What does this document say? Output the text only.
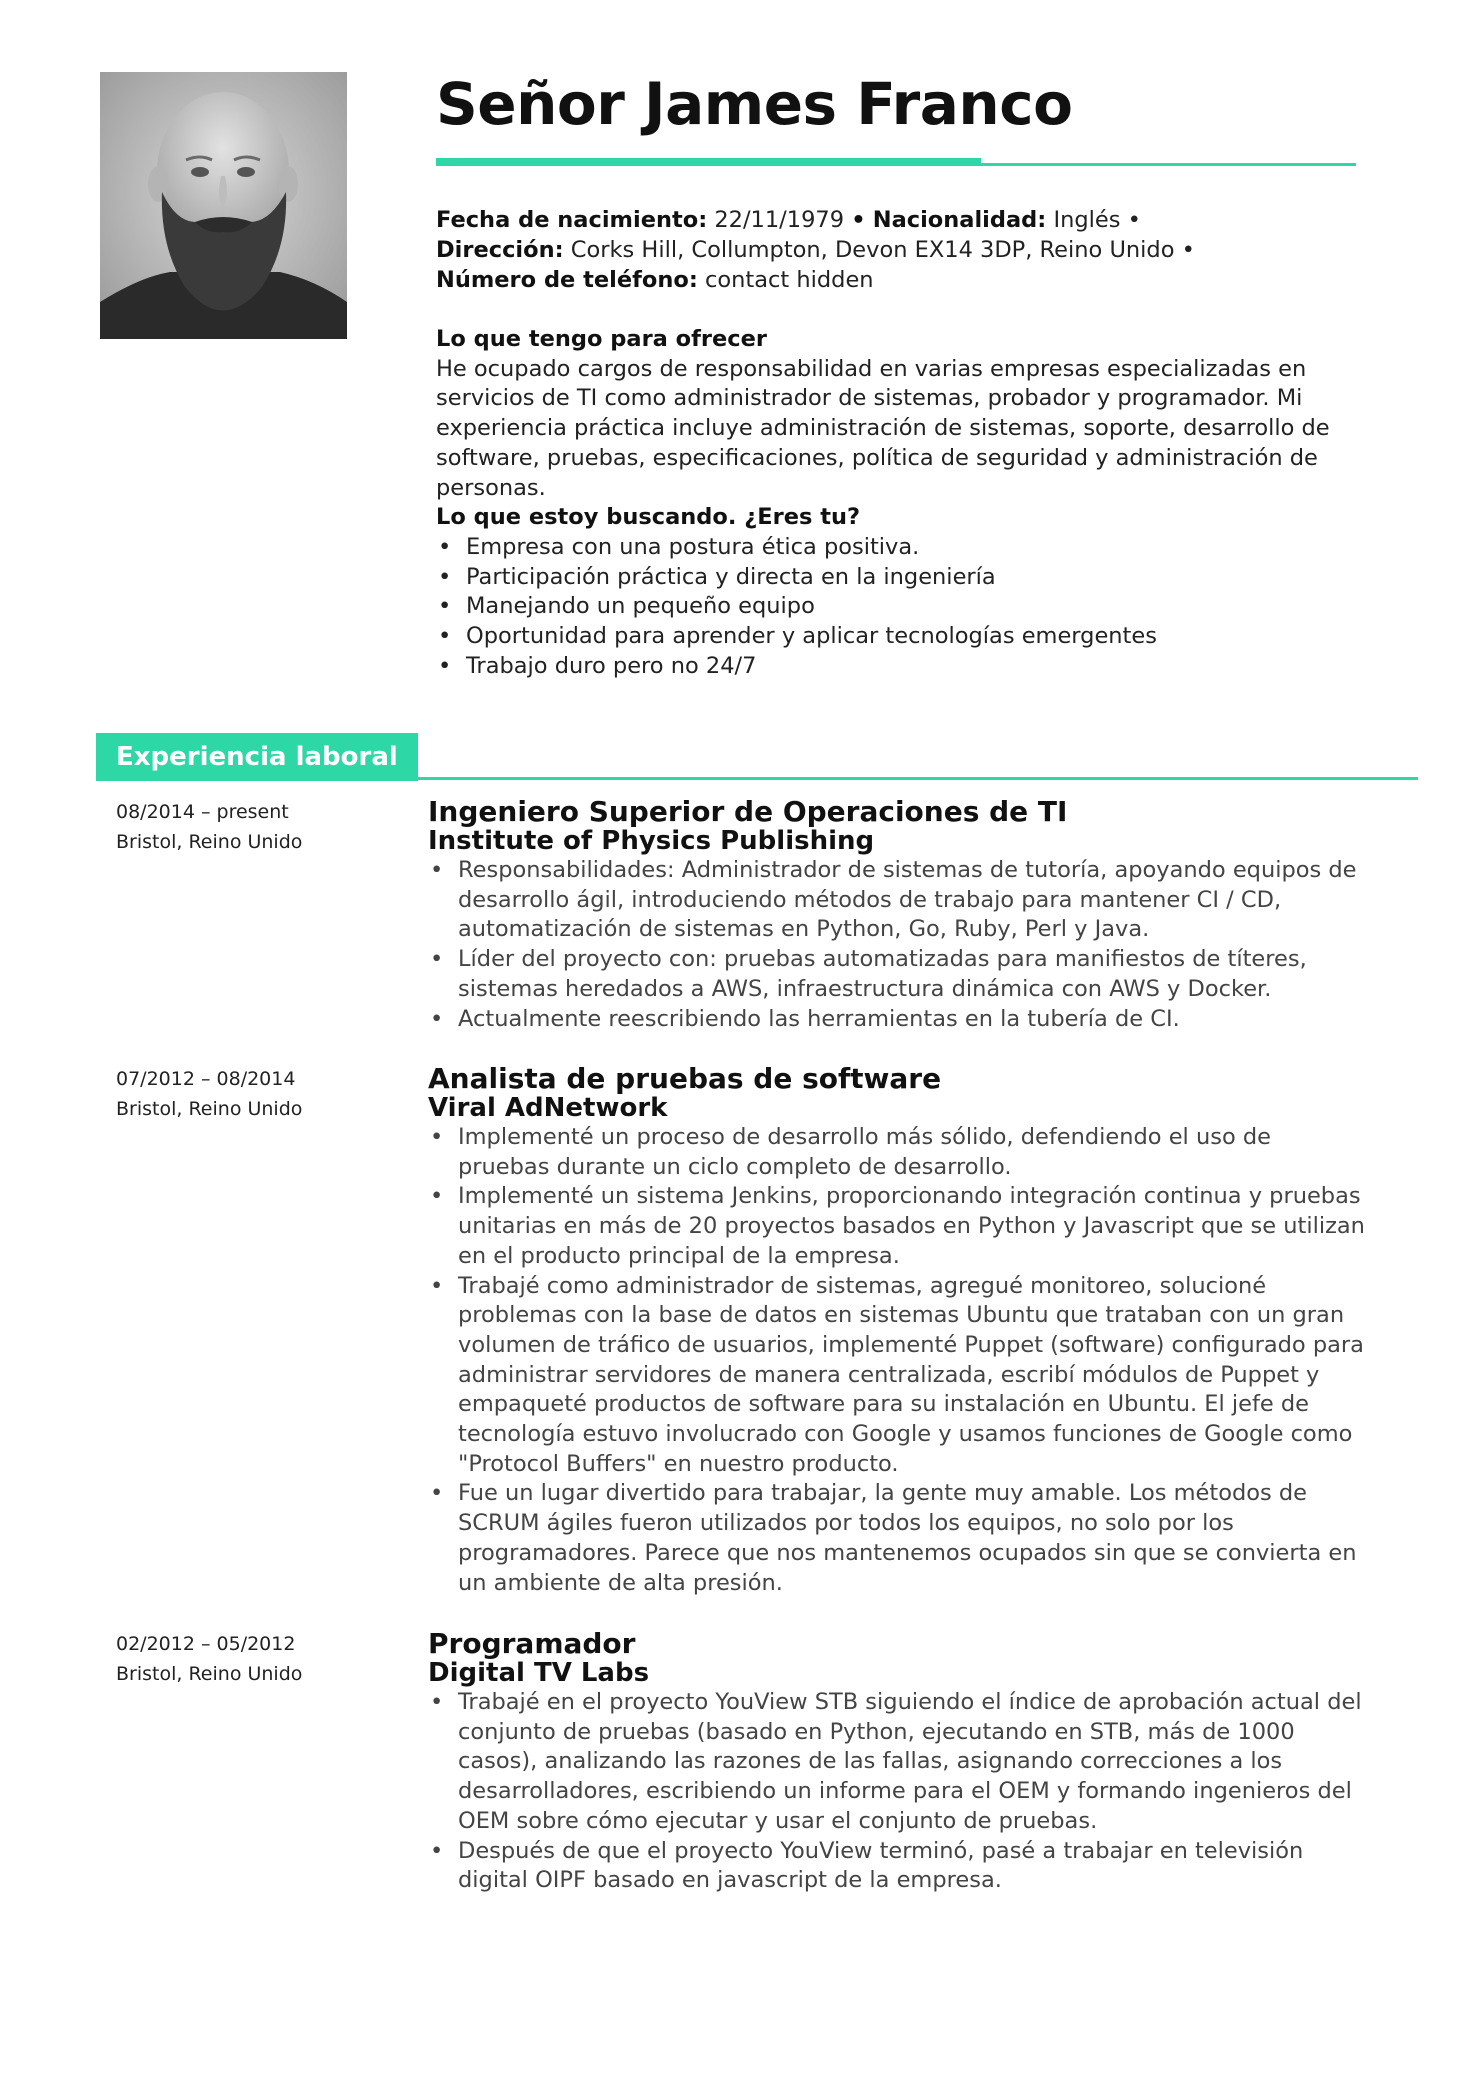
Señor James Franco
Fecha de nacimiento: 22/11/1979 • Nacionalidad: Inglés •
Dirección: Corks Hill, Collumpton, Devon EX14 3DP, Reino Unido •
Número de teléfono: contact hidden
Lo que tengo para ofrecer
He ocupado cargos de responsabilidad en varias empresas especializadas en servicios de TI como administrador de sistemas, probador y programador. Mi experiencia práctica incluye administración de sistemas, soporte, desarrollo de software, pruebas, especificaciones, política de seguridad y administración de personas.
Lo que estoy buscando. ¿Eres tu?
• Empresa con una postura ética positiva.
• Participación práctica y directa en la ingeniería
• Manejando un pequeño equipo
• Oportunidad para aprender y aplicar tecnologías emergentes
• Trabajo duro pero no 24/7
Experiencia laboral
08/2014 – present
Bristol, Reino Unido
Ingeniero Superior de Operaciones de TI
Institute of Physics Publishing
• Responsabilidades: Administrador de sistemas de tutoría, apoyando equipos de desarrollo ágil, introduciendo métodos de trabajo para mantener CI / CD, automatización de sistemas en Python, Go, Ruby, Perl y Java.
• Líder del proyecto con: pruebas automatizadas para manifiestos de títeres, sistemas heredados a AWS, infraestructura dinámica con AWS y Docker.
• Actualmente reescribiendo las herramientas en la tubería de CI.
07/2012 – 08/2014
Bristol, Reino Unido
Analista de pruebas de software
Viral AdNetwork
• Implementé un proceso de desarrollo más sólido, defendiendo el uso de pruebas durante un ciclo completo de desarrollo.
• Implementé un sistema Jenkins, proporcionando integración continua y pruebas unitarias en más de 20 proyectos basados en Python y Javascript que se utilizan en el producto principal de la empresa.
• Trabajé como administrador de sistemas, agregué monitoreo, solucioné problemas con la base de datos en sistemas Ubuntu que trataban con un gran volumen de tráfico de usuarios, implementé Puppet (software) configurado para administrar servidores de manera centralizada, escribí módulos de Puppet y empaqueté productos de software para su instalación en Ubuntu. El jefe de tecnología estuvo involucrado con Google y usamos funciones de Google como "Protocol Buffers" en nuestro producto.
• Fue un lugar divertido para trabajar, la gente muy amable. Los métodos de SCRUM ágiles fueron utilizados por todos los equipos, no solo por los programadores. Parece que nos mantenemos ocupados sin que se convierta en un ambiente de alta presión.
02/2012 – 05/2012
Bristol, Reino Unido
Programador
Digital TV Labs
• Trabajé en el proyecto YouView STB siguiendo el índice de aprobación actual del conjunto de pruebas (basado en Python, ejecutando en STB, más de 1000 casos), analizando las razones de las fallas, asignando correcciones a los desarrolladores, escribiendo un informe para el OEM y formando ingenieros del OEM sobre cómo ejecutar y usar el conjunto de pruebas.
• Después de que el proyecto YouView terminó, pasé a trabajar en televisión digital OIPF basado en javascript de la empresa.
